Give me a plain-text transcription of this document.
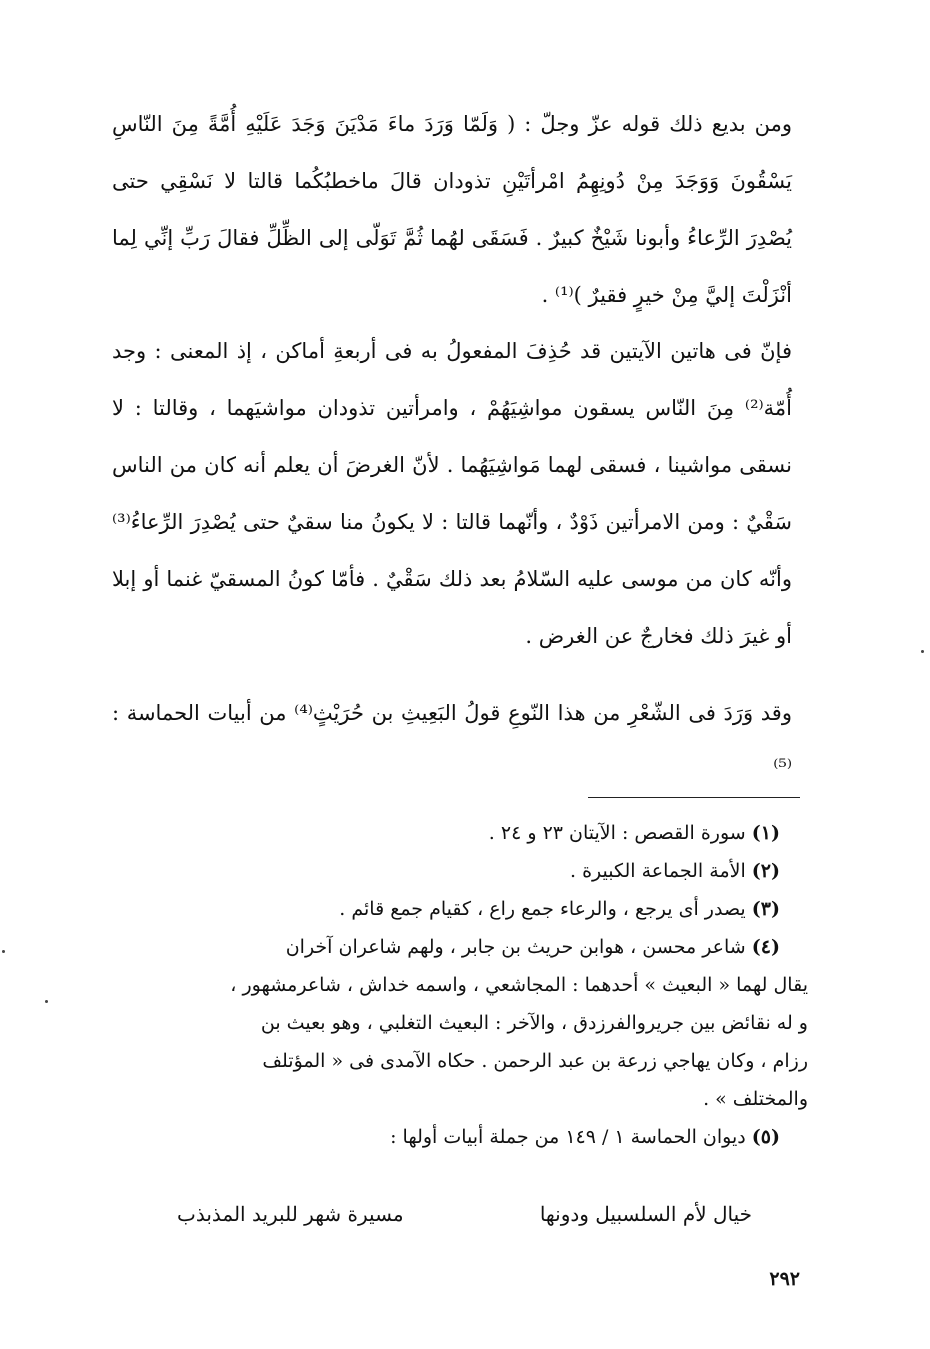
ومن بديع ذلك قوله عزّ وجلّ : ( وَلَمّا وَرَدَ ماءَ مَدْيَنَ وَجَدَ عَلَيْهِ أُمَّةً مِنَ النّاسِ يَسْقُونَ وَوَجَدَ مِنْ دُونِهِمُ امْرأتَيْنِ تذودان قالَ ماخطبُكُما قالتا لا نَسْقِي حتى يُصْدِرَ الرِّعاءُ وأبونا شَيْخٌ كبيرٌ . فَسَقَى لهُما ثُمَّ تَوَلّى إلى الظِّلِّ فقالَ رَبِّ إنِّي لِما أنْزَلْتَ إليَّ مِنْ خيرٍ فقيرٌ )⁽¹⁾ .

فإنّ فى هاتين الآيتين قد حُذِفَ المفعولُ به فى أربعةِ أماكن ، إذ المعنى : وجد أُمّة⁽²⁾ مِنَ النّاس يسقون مواشِيَهُمْ ، وامرأتين تذودان مواشيَهما ، وقالتا : لا نسقى مواشينا ، فسقى لهما مَواشِيَهُما . لأنّ الغرضَ أن يعلم أنه كان من الناس سَقْيٌ : ومن الامرأتين ذَوْدٌ ، وأنّهما قالتا : لا يكونُ منا سقيٌ حتى يُصْدِرَ الرِّعاءُ⁽³⁾ وأنّه كان من موسى عليه السّلامُ بعد ذلك سَقْيٌ . فأمّا كونُ المسقيّ غنما أو إبلا أو غيرَ ذلك فخارجٌ عن الغرض .

وقد وَرَدَ فى الشّعْرِ من هذا النّوعِ قولُ البَعِيثِ بن حُرَيْثٍ⁽⁴⁾ من أبيات الحماسة :⁽⁵⁾

(١) سورة القصص : الآيتان ٢٣ و ٢٤ .
(٢) الأمة الجماعة الكبيرة .
(٣) يصدر أى يرجع ، والرعاء جمع راع ، كقيام جمع قائم .
(٤) شاعر محسن ، هوابن حريث بن جابر ، ولهم شاعران آخران
يقال لهما « البعيث » أحدهما : المجاشعي ، واسمه خداش ، شاعرمشهور ،
و له نقائض بين جريروالفرزدق ، والآخر : البعيث التغلبي ، وهو بعيث بن
رزام ، وكان يهاجي زرعة بن عبد الرحمن . حكاه الآمدى فى « المؤتلف
والمختلف » .
(٥) ديوان الحماسة ١ / ١٤٩ من جملة أبيات أولها :
خيال لأم السلسبيل ودونها
مسيرة شهر للبريد المذبذب
٢٩٢
